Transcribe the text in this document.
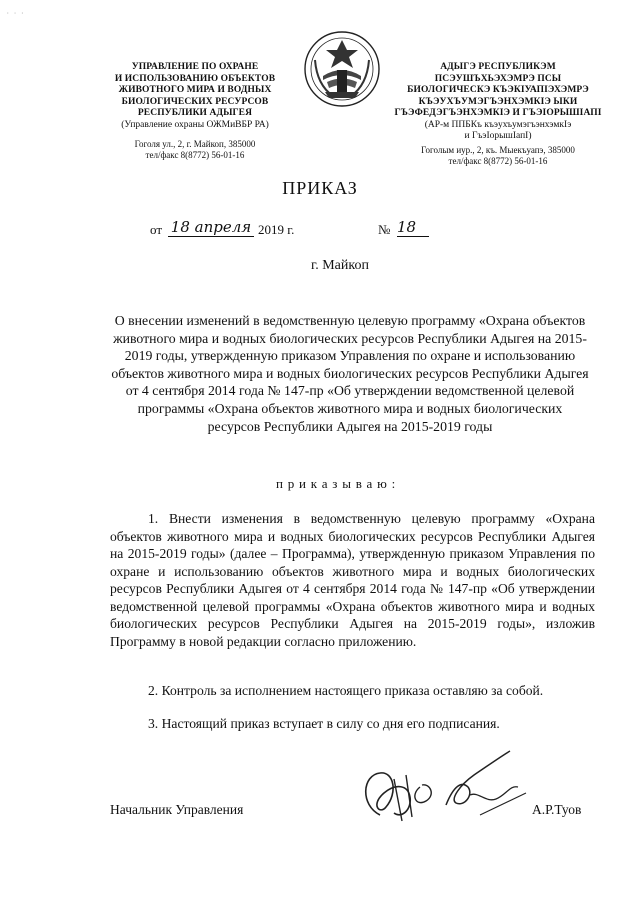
· · ·
УПРАВЛЕНИЕ ПО ОХРАНЕ
И ИСПОЛЬЗОВАНИЮ ОБЪЕКТОВ
ЖИВОТНОГО МИРА И ВОДНЫХ
БИОЛОГИЧЕСКИХ РЕСУРСОВ
РЕСПУБЛИКИ АДЫГЕЯ
(Управление охраны ОЖМиВБР РА)
Гоголя ул., 2, г. Майкоп, 385000
тел/факс 8(8772) 56-01-16
АДЫГЭ РЕСПУБЛИКЭМ
ПСЭУШЪХЬЭХЭМРЭ ПСЫ
БИОЛОГИЧЕСКЭ КЪЭКIУАПIЭХЭМРЭ
КЪЭУХЪУМЭГЪЭНХЭМКIЭ ЫКИ
ГЪЭФЕДЭГЪЭНХЭМКIЭ И ГЪЭIОРЫШIАПI
(АР-м ППБКъ къэухъумэгъэнхэмкIэ
и ГъэIорышIапI)
Гоголым иур., 2, къ. Мыекъуапэ, 385000
тел/факс 8(8772) 56-01-16
ПРИКАЗ
от 18 апреля 2019 г.	№ 18
г. Майкоп
О внесении изменений в ведомственную целевую программу «Охрана объектов животного мира и водных биологических ресурсов Республики Адыгея на 2015-2019 годы, утвержденную приказом Управления по охране и использованию объектов животного мира и водных биологических ресурсов Республики Адыгея от 4 сентября 2014 года № 147-пр «Об утверждении ведомственной целевой программы «Охрана объектов животного мира и водных биологических ресурсов Республики Адыгея на 2015-2019 годы
приказываю:
1. Внести изменения в ведомственную целевую программу «Охрана объектов животного мира и водных биологических ресурсов Республики Адыгея на 2015-2019 годы» (далее – Программа), утвержденную приказом Управления по охране и использованию объектов животного мира и водных биологических ресурсов Республики Адыгея от 4 сентября 2014 года № 147-пр «Об утверждении ведомственной целевой программы «Охрана объектов животного мира и водных биологических ресурсов Республики Адыгея на 2015-2019 годы», изложив Программу в новой редакции согласно приложению.
2. Контроль за исполнением настоящего приказа оставляю за собой.
3. Настоящий приказ вступает в силу со дня его подписания.
Начальник Управления	А.Р.Туов
